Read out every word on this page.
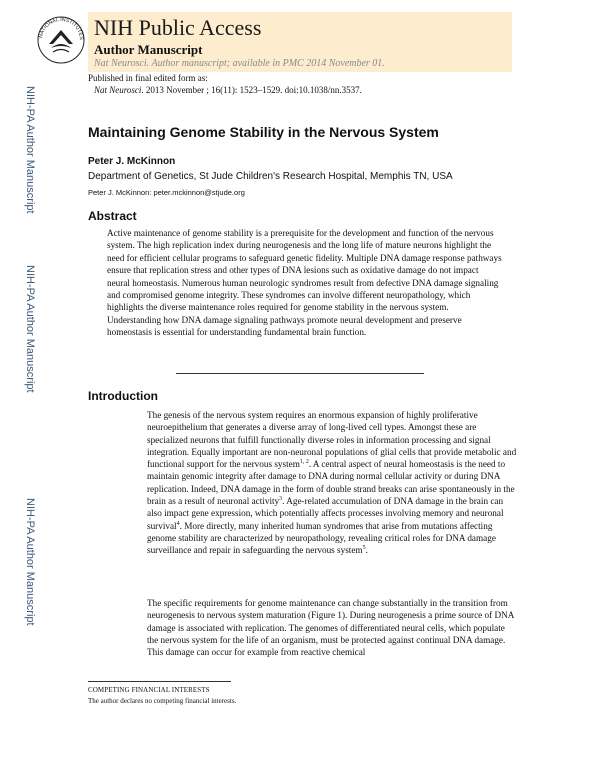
NATIONAL INSTITUTES NIH Public Access
Author Manuscript
Nat Neurosci. Author manuscript; available in PMC 2014 November 01.
NIH-PA Author Manuscript
NIH-PA Author Manuscript
NIH-PA Author Manuscript
Published in final edited form as:
Nat Neurosci. 2013 November ; 16(11): 1523–1529. doi:10.1038/nn.3537.
Maintaining Genome Stability in the Nervous System
Peter J. McKinnon
Department of Genetics, St Jude Children's Research Hospital, Memphis TN, USA
Peter J. McKinnon: peter.mckinnon@stjude.org
Abstract

Active maintenance of genome stability is a prerequisite for the development and function of the nervous system. The high replication index during neurogenesis and the long life of mature neurons highlight the need for efficient cellular programs to safeguard genetic fidelity. Multiple DNA damage response pathways ensure that replication stress and other types of DNA lesions such as oxidative damage do not impact neural homeostasis. Numerous human neurologic syndromes result from defective DNA damage signaling and compromised genome integrity. These syndromes can involve different neuropathology, which highlights the diverse maintenance roles required for genome stability in the nervous system. Understanding how DNA damage signaling pathways promote neural development and preserve homeostasis is essential for understanding fundamental brain function.

Introduction

The genesis of the nervous system requires an enormous expansion of highly proliferative neuroepithelium that generates a diverse array of long-lived cell types. Amongst these are specialized neurons that fulfill functionally diverse roles in information processing and signal integration. Equally important are non-neuronal populations of glial cells that provide metabolic and functional support for the nervous system$^{1, 2}$. A central aspect of neural homeostasis is the need to maintain genomic integrity after damage to DNA during normal cellular activity or during DNA replication. Indeed, DNA damage in the form of double strand breaks can arise spontaneously in the brain as a result of neuronal activity$^3$. Age-related accumulation of DNA damage in the brain can also impact gene expression, which potentially affects processes involving memory and neuronal survival$^4$. More directly, many inherited human syndromes that arise from mutations affecting genome stability are characterized by neuropathology, revealing critical roles for DNA damage surveillance and repair in safeguarding the nervous system$^5$.

The specific requirements for genome maintenance can change substantially in the transition from neurogenesis to nervous system maturation (Figure 1). During neurogenesis a prime source of DNA damage is associated with replication. The genomes of differentiated neural cells, which populate the nervous system for the life of an organism, must be protected against continual DNA damage. This damage can occur for example from reactive chemical

COMPETING FINANCIAL INTERESTS
The author declares no competing financial interests.
